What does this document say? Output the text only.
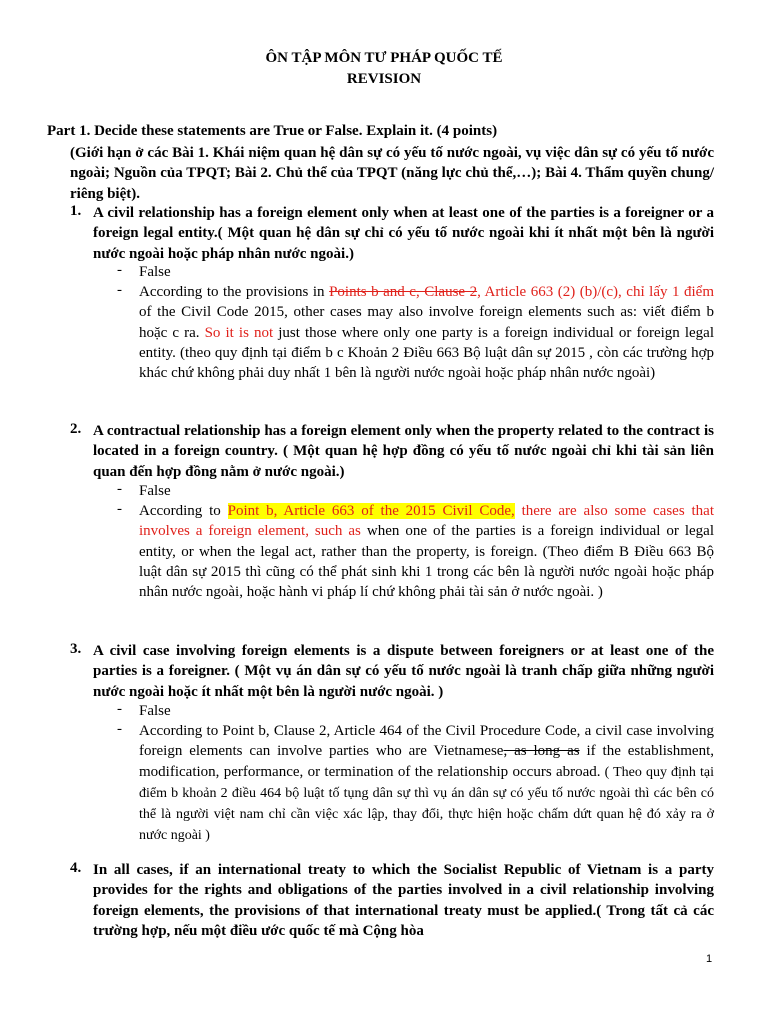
ÔN TẬP MÔN TƯ PHÁP QUỐC TẾ
REVISION
Part 1. Decide these statements are True or False. Explain it. (4 points)
(Giới hạn ở các Bài 1. Khái niệm quan hệ dân sự có yếu tố nước ngoài, vụ việc dân sự có yếu tố nước ngoài; Nguồn của TPQT; Bài 2. Chủ thể của TPQT (năng lực chủ thể,…); Bài 4. Thẩm quyền chung/ riêng biệt).
1. A civil relationship has a foreign element only when at least one of the parties is a foreigner or a foreign legal entity.( Một quan hệ dân sự chỉ có yếu tố nước ngoài khi ít nhất một bên là người nước ngoài hoặc pháp nhân nước ngoài.)
- False
- According to the provisions in Points b and c, Clause 2, Article 663 (2) (b)/(c), chỉ lấy 1 điểm of the Civil Code 2015, other cases may also involve foreign elements such as: viết điểm b hoặc c ra. So it is not just those where only one party is a foreign individual or foreign legal entity. (theo quy định tại điểm b c Khoản 2 Điều 663 Bộ luật dân sự 2015 , còn các trường hợp khác chứ không phải duy nhất 1 bên là người nước ngoài hoặc pháp nhân nước ngoài)
2. A contractual relationship has a foreign element only when the property related to the contract is located in a foreign country. ( Một quan hệ hợp đồng có yếu tố nước ngoài chỉ khi tài sản liên quan đến hợp đồng nằm ở nước ngoài.)
- False
- According to Point b, Article 663 of the 2015 Civil Code, there are also some cases that involves a foreign element, such as when one of the parties is a foreign individual or legal entity, or when the legal act, rather than the property, is foreign. (Theo điểm B Điều 663 Bộ luật dân sự 2015 thì cũng có thể phát sinh khi 1 trong các bên là người nước ngoài hoặc pháp nhân nước ngoài, hoặc hành vi pháp lí chứ không phải tài sản ở nước ngoài. )
3. A civil case involving foreign elements is a dispute between foreigners or at least one of the parties is a foreigner. ( Một vụ án dân sự có yếu tố nước ngoài là tranh chấp giữa những người nước ngoài hoặc ít nhất một bên là người nước ngoài. )
- False
- According to Point b, Clause 2, Article 464 of the Civil Procedure Code, a civil case involving foreign elements can involve parties who are Vietnamese, as long as if the establishment, modification, performance, or termination of the relationship occurs abroad. ( Theo quy định tại điểm b khoản 2 điều 464 bộ luật tố tụng dân sự thì vụ án dân sự có yếu tố nước ngoài thì các bên có thể là người việt nam chỉ cần việc xác lập, thay đổi, thực hiện hoặc chấm dứt quan hệ đó xảy ra ở nước ngoài )
4. In all cases, if an international treaty to which the Socialist Republic of Vietnam is a party provides for the rights and obligations of the parties involved in a civil relationship involving foreign elements, the provisions of that international treaty must be applied.( Trong tất cả các trường hợp, nếu một điều ước quốc tế mà Cộng hòa
1
